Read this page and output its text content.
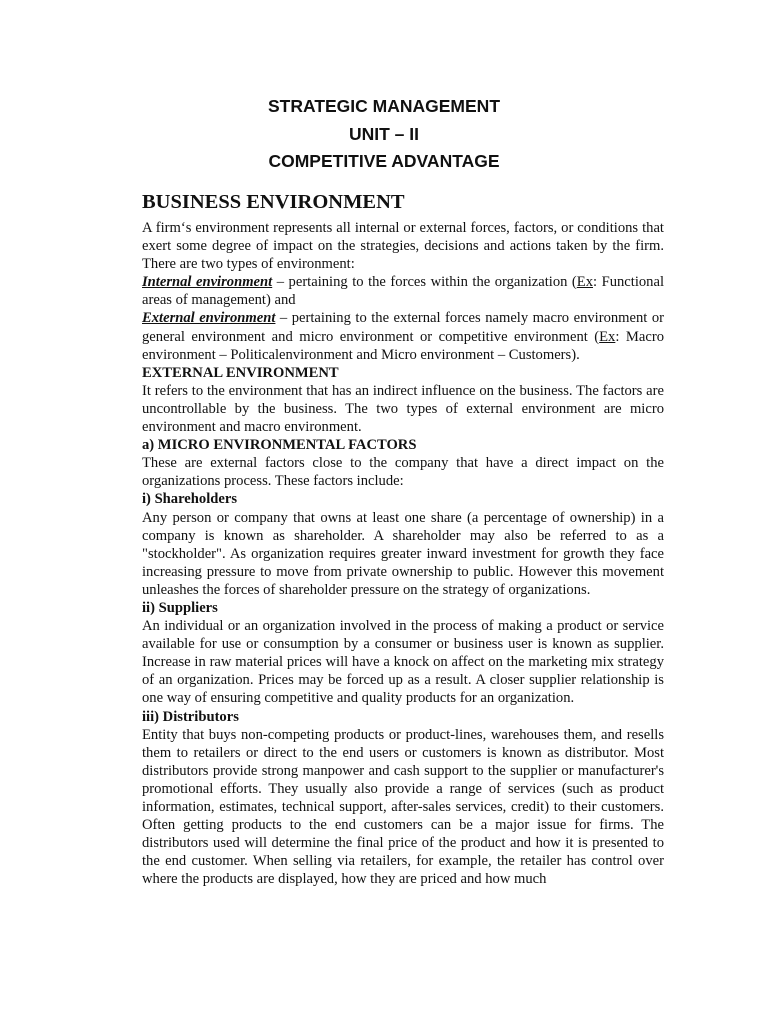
STRATEGIC MANAGEMENT
UNIT – II
COMPETITIVE ADVANTAGE
BUSINESS ENVIRONMENT

A firm‘s environment represents all internal or external forces, factors, or conditions that exert some degree of impact on the strategies, decisions and actions taken by the firm. There are two types of environment:

Internal environment – pertaining to the forces within the organization (Ex: Functional areas of management) and

External environment – pertaining to the external forces namely macro environment or general environment and micro environment or competitive environment (Ex: Macro environment – Politicalenvironment and Micro environment – Customers).

EXTERNAL ENVIRONMENT

It refers to the environment that has an indirect influence on the business. The factors are uncontrollable by the business. The two types of external environment are micro environment and macro environment.

a) MICRO ENVIRONMENTAL FACTORS

These are external factors close to the company that have a direct impact on the organizations process. These factors include:

i) Shareholders

Any person or company that owns at least one share (a percentage of ownership) in a company is known as shareholder. A shareholder may also be referred to as a "stockholder". As organization requires greater inward investment for growth they face increasing pressure to move from private ownership to public. However this movement unleashes the forces of shareholder pressure on the strategy of organizations.

ii) Suppliers

An individual or an organization involved in the process of making a product or service available for use or consumption by a consumer or business user is known as supplier. Increase in raw material prices will have a knock on affect on the marketing mix strategy of an organization. Prices may be forced up as a result. A closer supplier relationship is one way of ensuring competitive and quality products for an organization.

iii) Distributors

Entity that buys non-competing products or product-lines, warehouses them, and resells them to retailers or direct to the end users or customers is known as distributor. Most distributors provide strong manpower and cash support to the supplier or manufacturer's promotional efforts. They usually also provide a range of services (such as product information, estimates, technical support, after-sales services, credit) to their customers. Often getting products to the end customers can be a major issue for firms. The distributors used will determine the final price of the product and how it is presented to the end customer. When selling via retailers, for example, the retailer has control over where the products are displayed, how they are priced and how much
